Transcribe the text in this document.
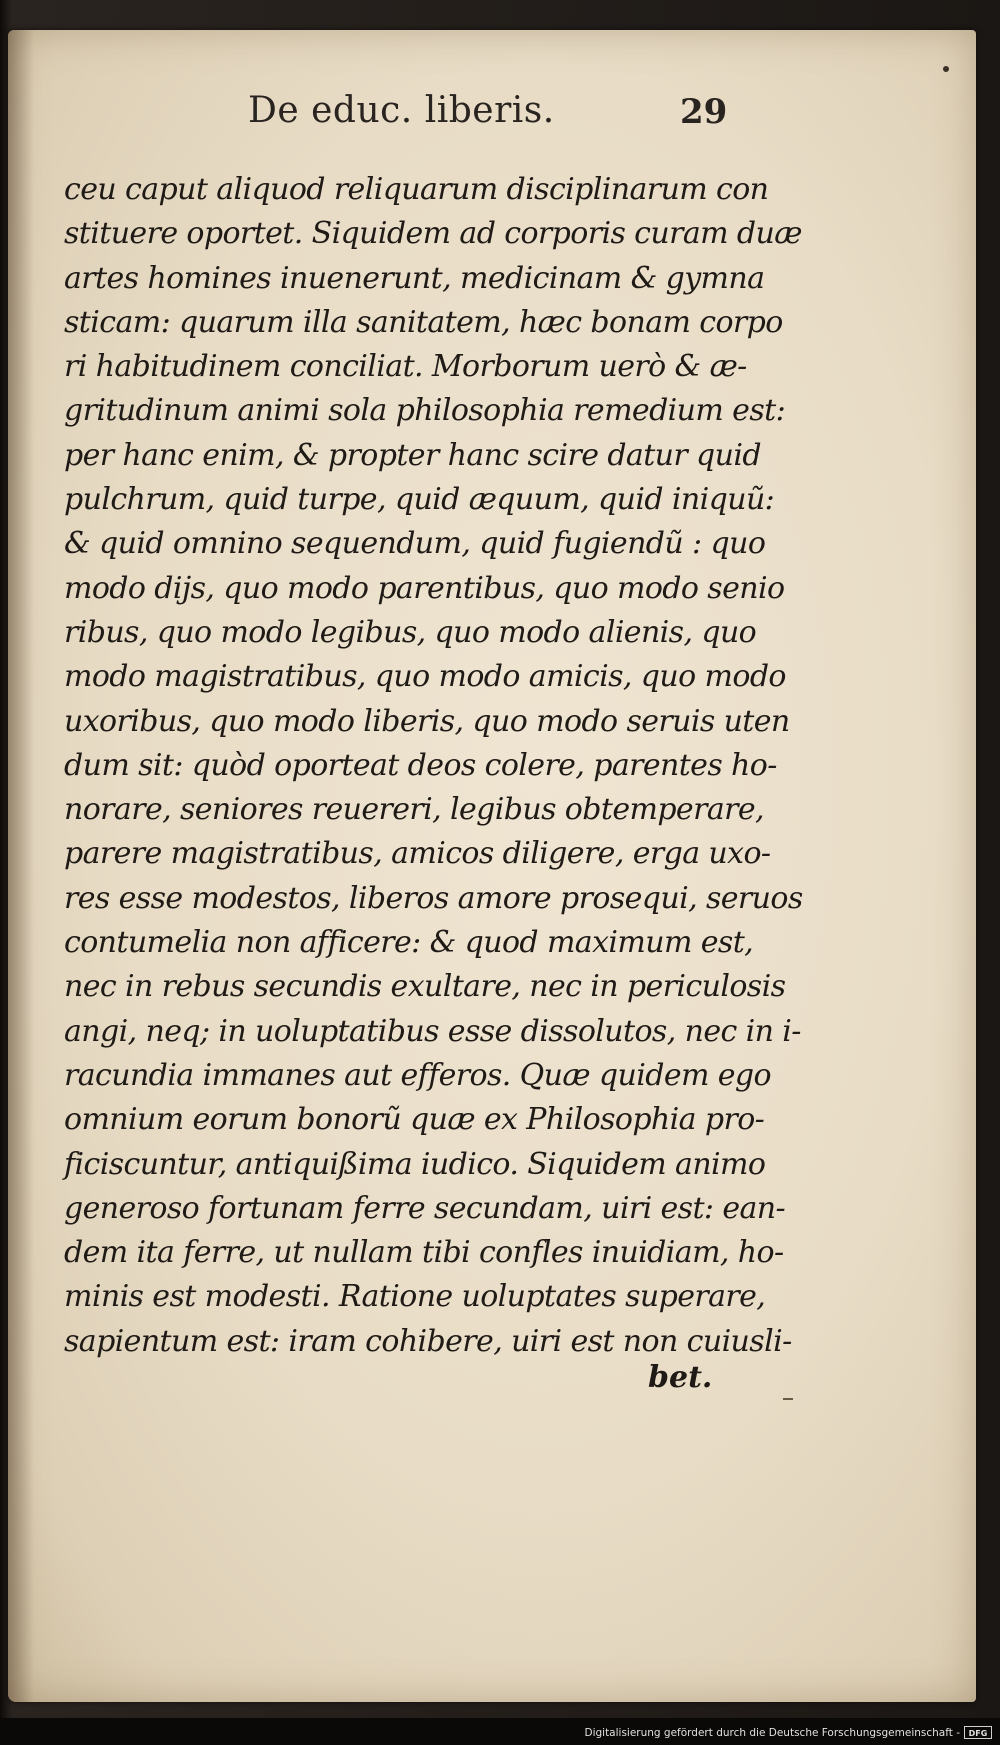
De educ. liberis.	29
ceu caput aliquod reliquarum disciplinarum con
stituere oportet. Siquidem ad corporis curam duæ
artes homines inuenerunt, medicinam & gymna
sticam: quarum illa sanitatem, hæc bonam corpo
ri habitudinem conciliat. Morborum uerò & æ-
gritudinum animi sola philosophia remedium est:
per hanc enim, & propter hanc scire datur quid
pulchrum, quid turpe, quid æquum, quid iniquũ:
& quid omnino sequendum, quid fugiendũ : quo
modo dijs, quo modo parentibus, quo modo senio
ribus, quo modo legibus, quo modo alienis, quo
modo magistratibus, quo modo amicis, quo modo
uxoribus, quo modo liberis, quo modo seruis uten
dum sit: quòd oporteat deos colere, parentes ho-
norare, seniores reuereri, legibus obtemperare,
parere magistratibus, amicos diligere, erga uxo-
res esse modestos, liberos amore prosequi, seruos
contumelia non afficere: & quod maximum est,
nec in rebus secundis exultare, nec in periculosis
angi, neq; in uoluptatibus esse dissolutos, nec in i-
racundia immanes aut efferos. Quæ quidem ego
omnium eorum bonorũ quæ ex Philosophia pro-
ficiscuntur, antiquißima iudico. Siquidem animo
generoso fortunam ferre secundam, uiri est: ean-
dem ita ferre, ut nullam tibi confles inuidiam, ho-
minis est modesti. Ratione uoluptates superare,
sapientum est: iram cohibere, uiri est non cuiusli-
bet.
Digitalisierung gefördert durch die Deutsche Forschungsgemeinschaft -	DFG
